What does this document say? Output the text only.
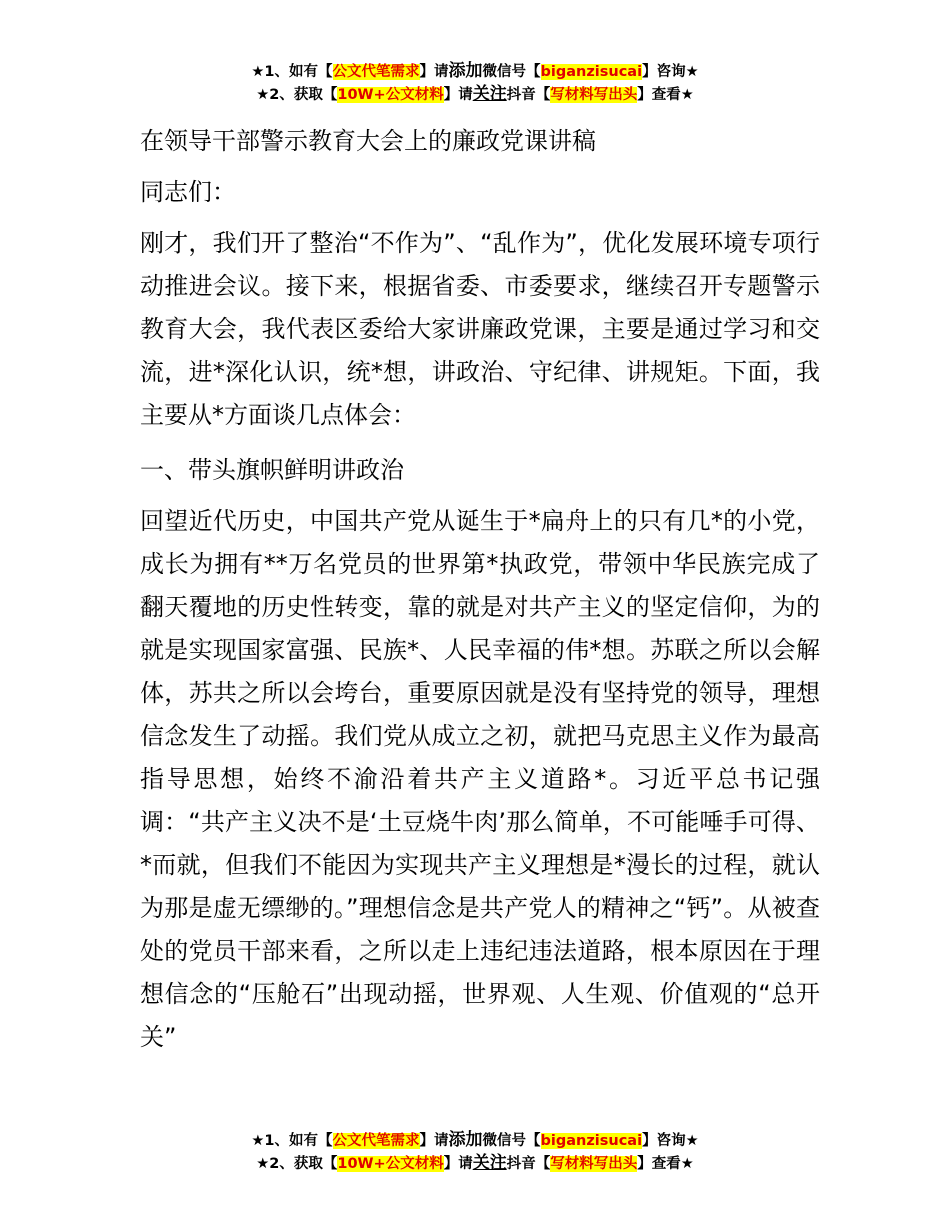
★1、如有【公文代笔需求】请添加微信号【biganzisucai】咨询★
★2、获取【10W+公文材料】请关注抖音【写材料写出头】查看★

在领导干部警示教育大会上的廉政党课讲稿

同志们：

刚才，我们开了整治“不作为”、“乱作为”，优化发展环境专项行动推进会议。接下来，根据省委、市委要求，继续召开专题警示教育大会，我代表区委给大家讲廉政党课，主要是通过学习和交流，进*深化认识，统*想，讲政治、守纪律、讲规矩。下面，我主要从*方面谈几点体会：

一、带头旗帜鲜明讲政治

回望近代历史，中国共产党从诞生于*扁舟上的只有几*的小党，成长为拥有**万名党员的世界第*执政党，带领中华民族完成了翻天覆地的历史性转变，靠的就是对共产主义的坚定信仰，为的就是实现国家富强、民族*、人民幸福的伟*想。苏联之所以会解体，苏共之所以会垮台，重要原因就是没有坚持党的领导，理想信念发生了动摇。我们党从成立之初，就把马克思主义作为最高指导思想，始终不渝沿着共产主义道路*。习近平总书记强调：“共产主义决不是‘土豆烧牛肉’那么简单，不可能唾手可得、*而就，但我们不能因为实现共产主义理想是*漫长的过程，就认为那是虚无缥缈的。”理想信念是共产党人的精神之“钙”。从被查处的党员干部来看，之所以走上违纪违法道路，根本原因在于理想信念的“压舱石”出现动摇，世界观、人生观、价值观的“总开关”

★1、如有【公文代笔需求】请添加微信号【biganzisucai】咨询★
★2、获取【10W+公文材料】请关注抖音【写材料写出头】查看★
